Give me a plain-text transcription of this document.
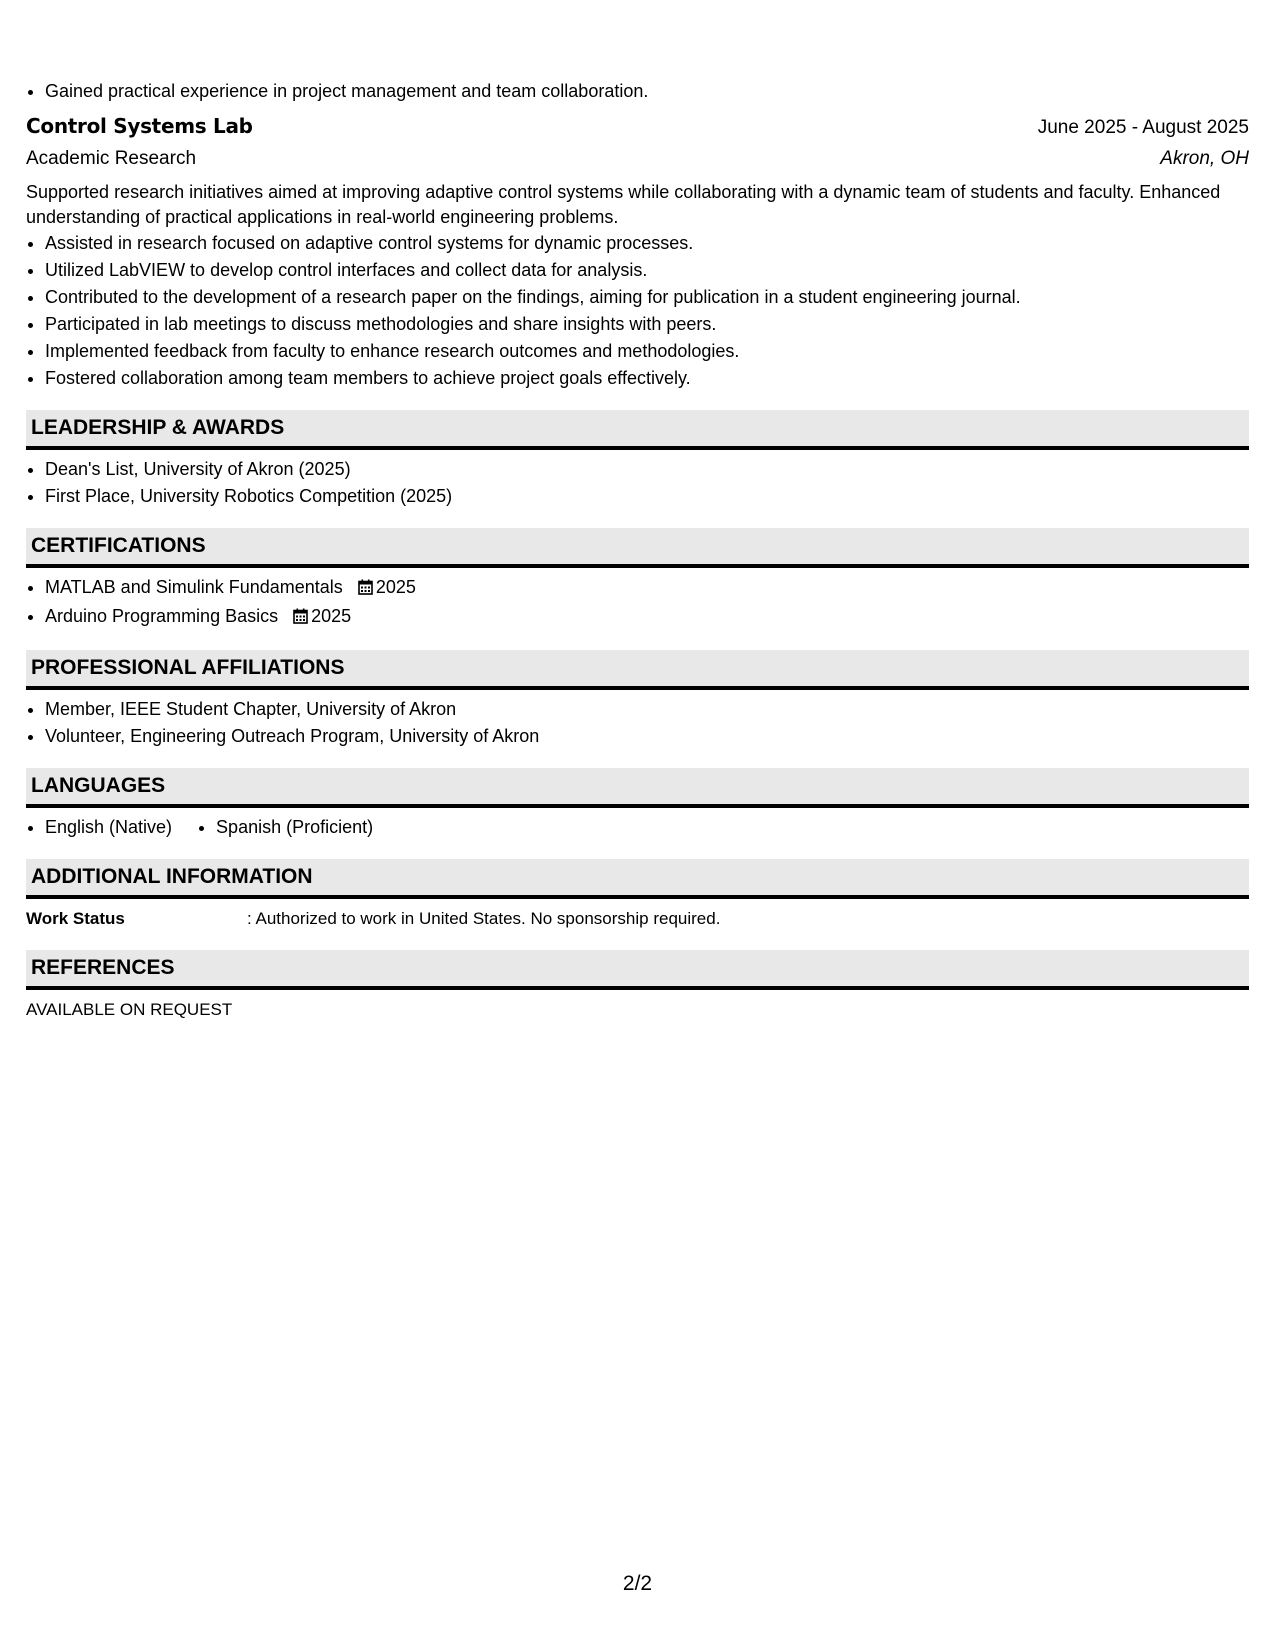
• Gained practical experience in project management and team collaboration.
Control Systems Lab	June 2025 - August 2025
Academic Research	Akron, OH
Supported research initiatives aimed at improving adaptive control systems while collaborating with a dynamic team of students and faculty. Enhanced understanding of practical applications in real-world engineering problems.
• Assisted in research focused on adaptive control systems for dynamic processes.
• Utilized LabVIEW to develop control interfaces and collect data for analysis.
• Contributed to the development of a research paper on the findings, aiming for publication in a student engineering journal.
• Participated in lab meetings to discuss methodologies and share insights with peers.
• Implemented feedback from faculty to enhance research outcomes and methodologies.
• Fostered collaboration among team members to achieve project goals effectively.
LEADERSHIP & AWARDS
• Dean's List, University of Akron (2025)
• First Place, University Robotics Competition (2025)
CERTIFICATIONS
• MATLAB and Simulink Fundamentals 2025
• Arduino Programming Basics 2025
PROFESSIONAL AFFILIATIONS
• Member, IEEE Student Chapter, University of Akron
• Volunteer, Engineering Outreach Program, University of Akron
LANGUAGES
• English (Native)
• Spanish (Proficient)
ADDITIONAL INFORMATION
Work Status	: Authorized to work in United States. No sponsorship required.
REFERENCES
AVAILABLE ON REQUEST
2/2
